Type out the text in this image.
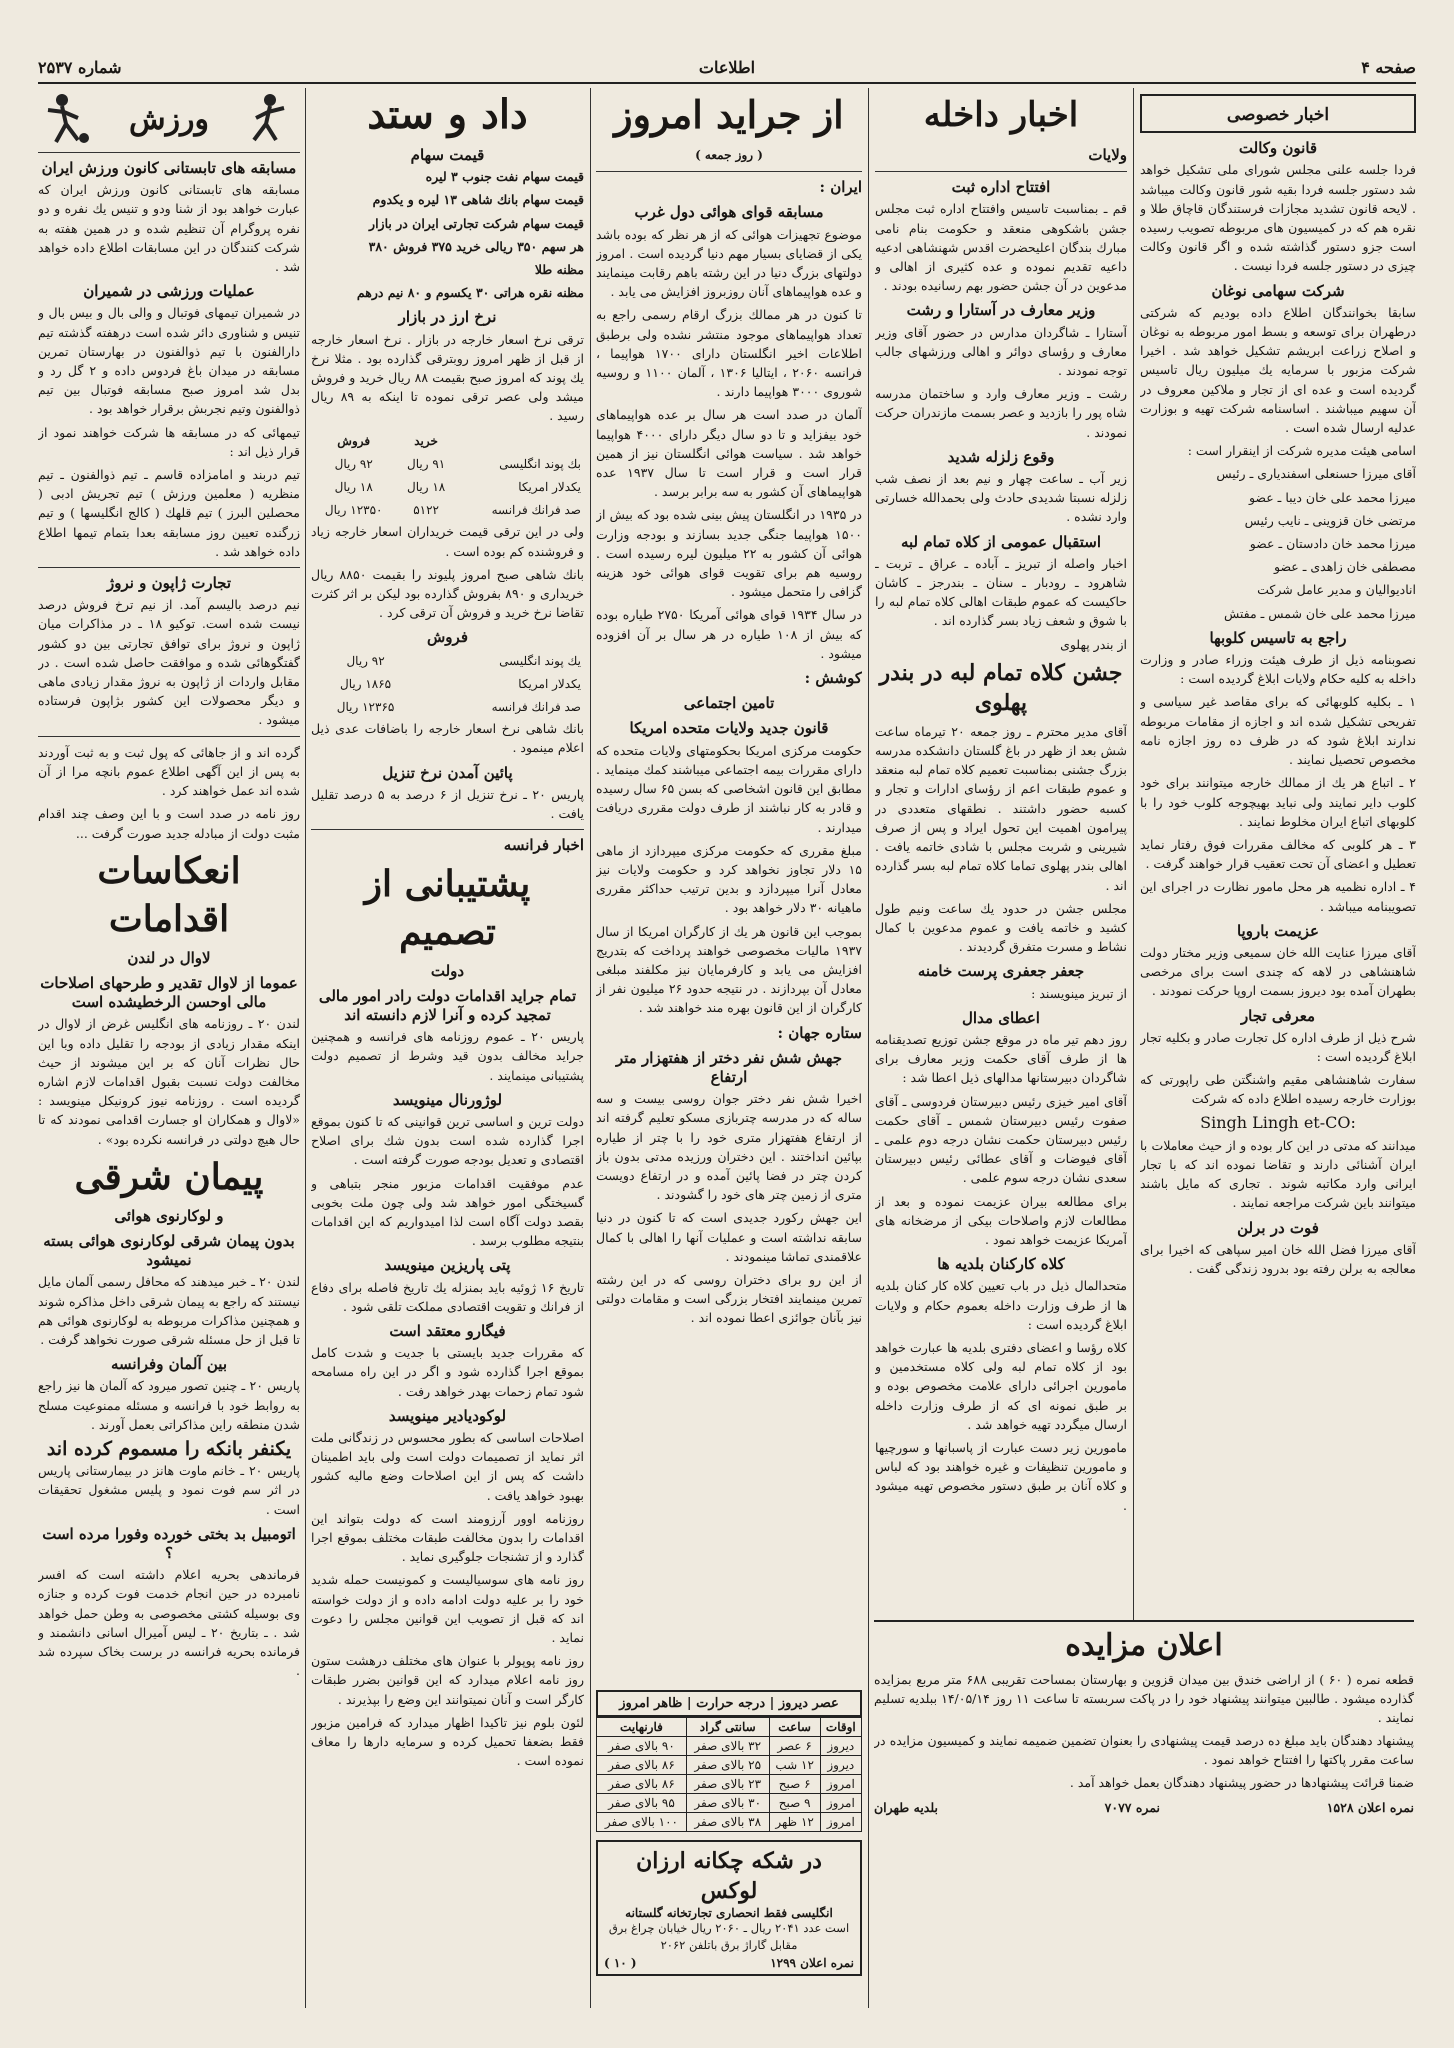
صفحه ۴
اطلاعات
شماره ۲۵۳۷
اخبار خصوصی
قانون وکالت

فردا جلسه علنی مجلس شورای ملی تشکیل خواهد شد دستور جلسه فردا بقیه شور قانون وکالت میباشد . لایحه قانون تشدید مجازات فرستندگان قاچاق طلا و نقره هم که در کمیسیون های مربوطه تصویب رسیده است جزو دستور گذاشته شده و اگر قانون وکالت چیزی در دستور جلسه فردا نیست .

شرکت سهامی نوغان

سابقا بخوانندگان اطلاع داده بودیم که شرکتی درطهران برای توسعه و بسط امور مربوطه به نوغان و اصلاح زراعت ابریشم تشکیل خواهد شد . اخیرا شرکت مزبور با سرمایه یك میلیون ریال تاسیس گردیده است و عده ای از تجار و ملاکین معروف در آن سهیم میباشند . اساسنامه شرکت تهیه و بوزارت عدلیه ارسال شده است .

اسامی هیئت مدیره شرکت از اینقرار است :

آقای میرزا حسنعلی اسفندیاری ـ رئیس

میرزا محمد علی خان دیبا ـ عضو

مرتضی خان قزوینی ـ نایب رئیس

میرزا محمد خان دادستان ـ عضو

مصطفی خان زاهدی ـ عضو

انادیوالیان و مدیر عامل شرکت

میرزا محمد علی خان شمس ـ مفتش

راجع به تاسیس کلوبها

نصوبنامه ذیل از طرف هیئت وزراء صادر و وزارت داخله به کلیه حکام ولایات ابلاغ گردیده است :

۱ ـ بکلیه کلوبهائی که برای مقاصد غیر سیاسی و تفریحی تشکیل شده اند و اجازه از مقامات مربوطه ندارند ابلاغ شود که در ظرف ده روز اجازه نامه مخصوص تحصیل نمایند .

۲ ـ اتباع هر یك از ممالك خارجه میتوانند برای خود کلوب دایر نمایند ولی نباید بهیچوجه کلوب خود را با کلوبهای اتباع ایران مخلوط نمایند .

۳ ـ هر کلوبی که مخالف مقررات فوق رفتار نماید تعطیل و اعضای آن تحت تعقیب قرار خواهند گرفت .

۴ ـ اداره نظمیه هر محل مامور نظارت در اجرای این تصویبنامه میباشد .

عزیمت باروپا

آقای میرزا عنایت الله خان سمیعی وزیر مختار دولت شاهنشاهی در لاهه که چندی است برای مرخصی بطهران آمده بود دیروز بسمت اروپا حرکت نمودند .

معرفی تجار

شرح ذیل از طرف اداره کل تجارت صادر و بکلیه تجار ابلاغ گردیده است :

سفارت شاهنشاهی مقیم واشنگتن طی راپورتی که بوزارت خارجه رسیده اطلاع داده که شرکت

Singh Lingh et-CO:

میدانند که مدتی در این کار بوده و از حیث معاملات با ایران آشنائی دارند و تقاضا نموده اند که با تجار ایرانی وارد مکاتبه شوند . تجاری که مایل باشند میتوانند باین شرکت مراجعه نمایند .

فوت در برلن

آقای میرزا فضل الله خان امیر سپاهی که اخیرا برای معالجه به برلن رفته بود بدرود زندگی گفت .

اعلان مزایده

قطعه نمره ( ۶۰ ) از اراضی خندق بین میدان قزوین و بهارستان بمساحت تقریبی ۶۸۸ متر مربع بمزایده گذارده میشود . طالبین میتوانند پیشنهاد خود را در پاکت سربسته تا ساعت ۱۱ روز ۱۴/۰۵/۱۴ ببلدیه تسلیم نمایند .

پیشنهاد دهندگان باید مبلغ ده درصد قیمت پیشنهادی را بعنوان تضمین ضمیمه نمایند و کمیسیون مزایده در ساعت مقرر پاکتها را افتتاح خواهد نمود .

ضمنا قرائت پیشنهادها در حضور پیشنهاد دهندگان بعمل خواهد آمد .

نمره اعلان ۱۵۲۸
نمره ۷۰۷۷
بلدیه طهران
اخبار داخله
ولایات
افتتاح اداره ثبت

قم ـ بمناسبت تاسیس وافتتاح اداره ثبت مجلس جشن باشکوهی منعقد و حکومت بنام نامی مبارك بندگان اعلیحضرت اقدس شهنشاهی ادعیه داعیه تقدیم نموده و عده کثیری از اهالی و مدعوین در آن جشن حضور بهم رسانیده بودند .

وزیر معارف در آستارا و رشت

آستارا ـ شاگردان مدارس در حضور آقای وزیر معارف و رؤسای دوائر و اهالی ورزشهای جالب توجه نمودند .

رشت ـ وزیر معارف وارد و ساختمان مدرسه شاه پور را بازدید و عصر بسمت مازندران حرکت نمودند .

وقوع زلزله شدید

زیر آب ـ ساعت چهار و نیم بعد از نصف شب زلزله نسبتا شدیدی حادث ولی بحمدالله خسارتی وارد نشده .

استقبال عمومی از کلاه تمام لبه

اخبار واصله از تبریز ـ آباده ـ عراق ـ تربت ـ شاهرود ـ رودبار ـ سنان ـ بندرجز ـ کاشان حاکیست که عموم طبقات اهالی کلاه تمام لبه را با شوق و شعف زیاد بسر گذارده اند .

از بندر پهلوی

جشن کلاه تمام لبه در بندر پهلوی

آقای مدیر محترم ـ روز جمعه ۲۰ تیرماه ساعت شش بعد از ظهر در باغ گلستان دانشکده مدرسه بزرگ جشنی بمناسبت تعمیم کلاه تمام لبه منعقد و عموم طبقات اعم از رؤسای ادارات و تجار و کسبه حضور داشتند . نطقهای متعددی در پیرامون اهمیت این تحول ایراد و پس از صرف شیرینی و شربت مجلس با شادی خاتمه یافت . اهالی بندر پهلوی تماما کلاه تمام لبه بسر گذارده اند .

مجلس جشن در حدود یك ساعت ونیم طول کشید و خاتمه یافت و عموم مدعوین با کمال نشاط و مسرت متفرق گردیدند .

جعفر جعفری پرست خامنه

از تبریز مینویسند :

اعطای مدال

روز دهم تیر ماه در موقع جشن توزیع تصدیقنامه ها از طرف آقای حکمت وزیر معارف برای شاگردان دبیرستانها مدالهای ذیل اعطا شد :

آقای امیر خیزی رئیس دبیرستان فردوسی ـ آقای صفوت رئیس دبیرستان شمس ـ آقای حکمت رئیس دبیرستان حکمت نشان درجه دوم علمی ـ آقای فیوضات و آقای عطائی رئیس دبیرستان سعدی نشان درجه سوم علمی .

برای مطالعه بیران عزیمت نموده و بعد از مطالعات لازم واصلاحات بیکی از مرضخانه های آمریکا عزیمت خواهد نمود .

کلاه کارکنان بلدیه ها

متحدالمال ذیل در باب تعیین کلاه کار کنان بلدیه ها از طرف وزارت داخله بعموم حکام و ولایات ابلاغ گردیده است :

کلاه رؤسا و اعضای دفتری بلدیه ها عبارت خواهد بود از کلاه تمام لبه ولی کلاه مستخدمین و مامورین اجرائی دارای علامت مخصوص بوده و بر طبق نمونه ای که از طرف وزارت داخله ارسال میگردد تهیه خواهد شد .

مامورین زیر دست عبارت از پاسبانها و سورچیها و مامورین تنظیفات و غیره خواهند بود که لباس و کلاه آنان بر طبق دستور مخصوص تهیه میشود .

از جراید امروز
( روز جمعه )
ایران :
مسابقه قوای هوائی دول غرب

موضوع تجهیزات هوائی که از هر نظر که بوده باشد یکی از قضایای بسیار مهم دنیا گردیده است . امروز دولتهای بزرگ دنیا در این رشته باهم رقابت مینمایند و عده هواپیماهای آنان روزبروز افزایش می یابد .

تا کنون در هر ممالك بزرگ ارقام رسمی راجع به تعداد هواپیماهای موجود منتشر نشده ولی برطبق اطلاعات اخیر انگلستان دارای ۱۷۰۰ هواپیما ، فرانسه ۲۰۶۰ ، ایتالیا ۱۳۰۶ ، آلمان ۱۱۰۰ و روسیه شوروی ۳۰۰۰ هواپیما دارند .

آلمان در صدد است هر سال بر عده هواپیماهای خود بیفزاید و تا دو سال دیگر دارای ۴۰۰۰ هواپیما خواهد شد . سیاست هوائی انگلستان نیز از همین قرار است و قرار است تا سال ۱۹۳۷ عده هواپیماهای آن کشور به سه برابر برسد .

در ۱۹۳۵ در انگلستان پیش بینی شده بود که بیش از ۱۵۰۰ هواپیما جنگی جدید بسازند و بودجه وزارت هوائی آن کشور به ۲۲ میلیون لیره رسیده است . روسیه هم برای تقویت قوای هوائی خود هزینه گزافی را متحمل میشود .

در سال ۱۹۳۴ قوای هوائی آمریکا ۲۷۵۰ طیاره بوده که بیش از ۱۰۸ طیاره در هر سال بر آن افزوده میشود .

کوشش :
تامین اجتماعی
قانون جدید ولایات متحده امریکا

حکومت مرکزی امریکا بحکومتهای ولایات متحده که دارای مقررات بیمه اجتماعی میباشند کمك مینماید . مطابق این قانون اشخاصی که بسن ۶۵ سال رسیده و قادر به کار نباشند از طرف دولت مقرری دریافت میدارند .

مبلغ مقرری که حکومت مرکزی میپردازد از ماهی ۱۵ دلار تجاوز نخواهد کرد و حکومت ولایات نیز معادل آنرا میپردازد و بدین ترتیب حداکثر مقرری ماهیانه ۳۰ دلار خواهد بود .

بموجب این قانون هر یك از کارگران امریکا از سال ۱۹۳۷ مالیات مخصوصی خواهند پرداخت که بتدریج افزایش می یابد و کارفرمایان نیز مکلفند مبلغی معادل آن بپردازند . در نتیجه حدود ۲۶ میلیون نفر از کارگران از این قانون بهره مند خواهند شد .

ستاره جهان :
جهش شش نفر دختر از هفتهزار متر ارتفاع

اخیرا شش نفر دختر جوان روسی بیست و سه ساله که در مدرسه چتربازی مسکو تعلیم گرفته اند از ارتفاع هفتهزار متری خود را با چتر از طیاره بپائین انداختند . این دختران ورزیده مدتی بدون باز کردن چتر در فضا پائین آمده و در ارتفاع دویست متری از زمین چتر های خود را گشودند .

این جهش رکورد جدیدی است که تا کنون در دنیا سابقه نداشته است و عملیات آنها را اهالی با کمال علاقمندی تماشا مینمودند .

از این رو برای دختران روسی که در این رشته تمرین مینمایند افتخار بزرگی است و مقامات دولتی نیز بآنان جوائزی اعطا نموده اند .

عصر دیروز | درجه حرارت | ظاهر امروز
اوقات	ساعت	سانتی گراد	فارنهایت
دیروز	۶ عصر	۳۲ بالای صفر	۹۰ بالای صفر
دیروز	۱۲ شب	۲۵ بالای صفر	۸۶ بالای صفر
امروز	۶ صبح	۲۳ بالای صفر	۸۶ بالای صفر
امروز	۹ صبح	۳۰ بالای صفر	۹۵ بالای صفر
امروز	۱۲ ظهر	۳۸ بالای صفر	۱۰۰ بالای صفر
در شکه چکانه ارزان لوکس
انگلیسی فقط انحصاری تجارتخانه گلستانه
است عدد ۲۰۴۱ ریال ـ ۲۰۶۰ ریال خیابان چراغ برق مقابل گاراژ برق باتلفن ۲۰۶۲
نمره اعلان ۱۲۹۹
( ۱۰ )
داد و ستد
قیمت سهام

قیمت سهام نفت جنوب ۳ لیره

قیمت سهام بانك شاهی ۱۳ لیره و یکدوم

قیمت سهام شرکت تجارتی ایران در بازار

هر سهم ۳۵۰ ریالی خرید ۳۷۵ فروش ۳۸۰

مظنه طلا

مظنه نقره هراتی ۳۰ یکسوم و ۸۰ نیم درهم

نرخ ارز در بازار

ترقی نرخ اسعار خارجه در بازار . نرخ اسعار خارجه از قبل از ظهر امروز روبترقی گذارده بود . مثلا نرخ یك پوند که امروز صبح بقیمت ۸۸ ریال خرید و فروش میشد ولی عصر ترقی نموده تا اینکه به ۸۹ ریال رسید .

	خرید	فروش
بك پوند انگلیسی	۹۱ ریال	۹۲ ریال
یکدلار امریکا	۱۸ ریال	۱۸ ریال
صد فرانك فرانسه	۵۱۲۲	۱۲۳۵۰ ریال

ولی در این ترقی قیمت خریداران اسعار خارجه زیاد و فروشنده کم بوده است .

بانك شاهی صبح امروز پلیوند را بقیمت ۸۸۵۰ ریال خریداری و ۸۹۰ بفروش گذارده بود لیکن بر اثر کثرت تقاضا نرخ خرید و فروش آن ترقی کرد .

فروش
یك پوند انگلیسی	۹۲ ریال
یکدلار امریکا	۱۸۶۵ ریال
صد فرانك فرانسه	۱۲۳۶۵ ریال

بانك شاهی نرخ اسعار خارجه را باضافات عدی ذیل اعلام مینمود .

پائین آمدن نرخ تنزیل

پاریس ۲۰ ـ نرخ تنزیل از ۶ درصد به ۵ درصد تقلیل یافت .

اخبار فرانسه
پشتیبانی از تصمیم
دولت
تمام جراید اقدامات دولت رادر امور مالی تمجید کرده و آنرا لازم دانسته اند

پاریس ۲۰ ـ عموم روزنامه های فرانسه و همچنین جراید مخالف بدون قید وشرط از تصمیم دولت پشتیبانی مینمایند .

لوژورنال مینویسد

دولت ترین و اساسی ترین قوانینی که تا کنون بموقع اجرا گذارده شده است بدون شك برای اصلاح اقتصادی و تعدیل بودجه صورت گرفته است .

عدم موفقیت اقدامات مزبور منجر بتباهی و گسیختگی امور خواهد شد ولی چون ملت بخوبی بقصد دولت آگاه است لذا امیدواریم که این اقدامات بنتیجه مطلوب برسد .

پتی پاریزین مینویسد

تاریخ ۱۶ ژوئیه باید بمنزله یك تاریخ فاصله برای دفاع از فرانك و تقویت اقتصادی مملکت تلقی شود .

فیگارو معتقد است

که مقررات جدید بایستی با جدیت و شدت کامل بموقع اجرا گذارده شود و اگر در این راه مسامحه شود تمام زحمات بهدر خواهد رفت .

لوکودیادیر مینویسد

اصلاحات اساسی که بطور محسوس در زندگانی ملت اثر نماید از تصمیمات دولت است ولی باید اطمینان داشت که پس از این اصلاحات وضع مالیه کشور بهبود خواهد یافت .

روزنامه اوور آرزومند است که دولت بتواند این اقدامات را بدون مخالفت طبقات مختلف بموقع اجرا گذارد و از تشنجات جلوگیری نماید .

روز نامه های سوسیالیست و کمونیست حمله شدید خود را بر علیه دولت ادامه داده و از دولت خواسته اند که قبل از تصویب این قوانین مجلس را دعوت نماید .

روز نامه پوپولر با عنوان های مختلف درهشت ستون روز نامه اعلام میدارد که این قوانین بضرر طبقات کارگر است و آنان نمیتوانند این وضع را بپذیرند .

لئون بلوم نیز تاکیدا اظهار میدارد که فرامین مزبور فقط بضعفا تحمیل کرده و سرمایه دارها را معاف نموده است .

ورزش
مسابقه های تابستانی کانون ورزش ایران

مسابقه های تابستانی کانون ورزش ایران که عبارت خواهد بود از شنا ودو و تنیس یك نفره و دو نفره پروگرام آن تنظیم شده و در همین هفته به شرکت کنندگان در این مسابقات اطلاع داده خواهد شد .

عملیات ورزشی در شمیران

در شمیران تیمهای فوتبال و والی بال و بیس بال و تنیس و شناوری دائر شده است درهفته گذشته تیم دارالفنون با تیم ذوالفنون در بهارستان تمرین مسابقه در میدان باغ فردوس داده و ۲ گل رد و بدل شد امروز صبح مسابقه فوتبال بین تیم ذوالفنون وتیم نجربش برقرار خواهد بود .

تیمهائی که در مسابقه ها شرکت خواهند نمود از قرار ذیل اند :

تیم دربند و امامزاده قاسم ـ تیم ذوالفنون ـ تیم منظریه ( معلمین ورزش ) تیم تجریش ادبی ( محصلین البرز ) تیم قلهك ( کالج انگلیسها ) و تیم زرگنده تعیین روز مسابقه بعدا بتمام تیمها اطلاع داده خواهد شد .

تجارت ژاپون و نروژ

نیم درصد بالیسم آمد. از نیم ترخ فروش درصد نیست شده است. توکیو ۱۸ ـ در مذاکرات میان ژاپون و نروژ برای توافق تجارتی بین دو کشور گفتگوهائی شده و موافقت حاصل شده است . در مقابل واردات از ژاپون به نروژ مقدار زیادی ماهی و دیگر محصولات این کشور بژاپون فرستاده میشود .

گرده اند و از جاهائی که پول ثبت و به ثبت آوردند به پس از این آگهی اطلاع عموم بانچه مرا از آن شده اند عمل خواهند کرد .

روز نامه در صدد است و با این وصف چند اقدام مثبت دولت از مبادله جدید صورت گرفت ...

انعکاسات اقدامات
لاوال در لندن
عموما از لاوال تقدیر و طرحهای اصلاحات مالی اوحسن الرخطیشده است

لندن ۲۰ ـ روزنامه های انگلیس غرض از لاوال در اینکه مقدار زیادی از بودجه را تقلیل داده وبا این حال نظرات آنان که بر این میشوند از حیث مخالفت دولت نسبت بقبول اقدامات لازم اشاره گردیده است . روزنامه نیوز کرونیکل مینویسد : «لاوال و همکاران او جسارت اقدامی نمودند که تا حال هیچ دولتی در فرانسه نکرده بود» .

پیمان شرقی
و لوکارنوی هوائی
بدون پیمان شرقی لوکارنوی هوائی بسته نمیشود

لندن ۲۰ ـ خبر میدهند که محافل رسمی آلمان مایل نیستند که راجع به پیمان شرقی داخل مذاکره شوند و همچنین مذاکرات مربوطه به لوکارنوی هوائی هم تا قبل از حل مسئله شرقی صورت نخواهد گرفت .

بین آلمان وفرانسه

پاریس ۲۰ ـ چنین تصور میرود که آلمان ها نیز راجع به روابط خود با فرانسه و مسئله ممنوعیت مسلح شدن منطقه راین مذاکراتی بعمل آورند .

یکنفر بانکه را مسموم کرده اند

پاریس ۲۰ ـ خانم ماوت هانز در بیمارستانی پاریس در اثر سم فوت نمود و پلیس مشغول تحقیقات است .

اتومبیل بد بختی خورده وفورا مرده است ؟

فرماندهی بحریه اعلام داشته است که افسر نامبرده در حین انجام خدمت فوت کرده و جنازه وی بوسیله کشتی مخصوصی به وطن حمل خواهد شد . ـ بتاریخ ۲۰ ـ لیس آمیرال اسانی دانشمند و فرمانده بحریه فرانسه در برست بخاک سپرده شد .
